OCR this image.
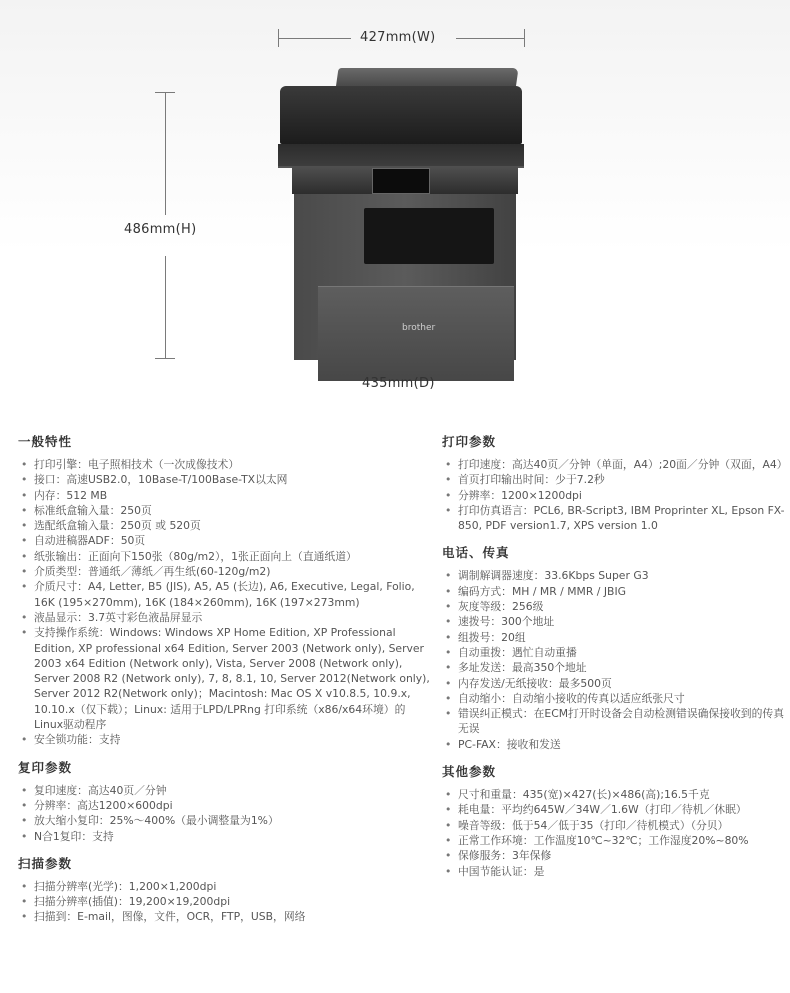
427mm(W)
486mm(H)
brother
435mm(D)
一般特性
• 打印引擎：电子照相技术（一次成像技术）
• 接口：高速USB2.0，10Base-T/100Base-TX以太网
• 内存：512 MB
• 标准纸盒输入量：250页
• 选配纸盒输入量：250页 或 520页
• 自动进稿器ADF：50页
• 纸张输出：正面向下150张（80g/m2），1张正面向上（直通纸道）
• 介质类型：普通纸／薄纸／再生纸(60-120g/m2)
• 介质尺寸：A4, Letter, B5 (JIS), A5, A5 (长边), A6, Executive, Legal, Folio, 16K (195×270mm), 16K (184×260mm), 16K (197×273mm)
• 液晶显示：3.7英寸彩色液晶屏显示
• 支持操作系统：Windows: Windows XP Home Edition, XP Professional Edition, XP professional x64 Edition, Server 2003 (Network only), Server 2003 x64 Edition (Network only), Vista, Server 2008 (Network only), Server 2008 R2 (Network only), 7, 8, 8.1, 10, Server 2012(Network only), Server 2012 R2(Network only)；Macintosh: Mac OS X v10.8.5, 10.9.x, 10.10.x（仅下载）；Linux: 适用于LPD/LPRng 打印系统（x86/x64环境）的Linux驱动程序
• 安全锁功能：支持
复印参数
• 复印速度：高达40页／分钟
• 分辨率：高达1200×600dpi
• 放大缩小复印：25%～400%（最小调整量为1%）
• N合1复印：支持
扫描参数
• 扫描分辨率(光学)：1,200×1,200dpi
• 扫描分辨率(插值)：19,200×19,200dpi
• 扫描到：E-mail，图像，文件，OCR，FTP，USB，网络
打印参数
• 打印速度：高达40页／分钟（单面，A4）;20面／分钟（双面，A4）
• 首页打印输出时间：少于7.2秒
• 分辨率：1200×1200dpi
• 打印仿真语言：PCL6, BR-Script3, IBM Proprinter XL, Epson FX-850, PDF version1.7, XPS version 1.0
电话、传真
• 调制解调器速度：33.6Kbps Super G3
• 编码方式：MH / MR / MMR / JBIG
• 灰度等级：256级
• 速拨号：300个地址
• 组拨号：20组
• 自动重拨：遇忙自动重播
• 多址发送：最高350个地址
• 内存发送/无纸接收：最多500页
• 自动缩小：自动缩小接收的传真以适应纸张尺寸
• 错误纠正模式：在ECM打开时设备会自动检测错误确保接收到的传真无误
• PC-FAX：接收和发送
其他参数
• 尺寸和重量：435(宽)×427(长)×486(高);16.5千克
• 耗电量：平均约645W／34W／1.6W（打印／待机／休眠）
• 噪音等级：低于54／低于35（打印／待机模式）（分贝）
• 正常工作环境：工作温度10℃~32℃；工作湿度20%~80%
• 保修服务：3年保修
• 中国节能认证：是
